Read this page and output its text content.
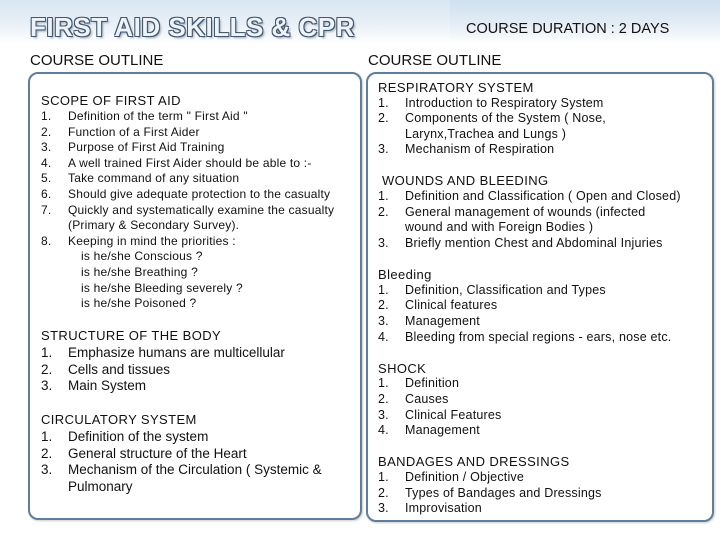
FIRST AID SKILLS & CPR	COURSE DURATION : 2 DAYS
COURSE OUTLINE	COURSE OUTLINE
SCOPE OF FIRST AID
1. Definition of the term " First Aid "
2. Function of a First Aider
3. Purpose of First Aid Training
4. A well trained First Aider should be able to :-
5. Take command of any situation
6. Should give adequate protection to the casualty
7. Quickly and systematically examine the casualty
(Primary & Secondary Survey).
8. Keeping in mind the priorities :
is he/she Conscious ?
is he/she Breathing ?
is he/she Bleeding severely ?
is he/she Poisoned ?
STRUCTURE OF THE BODY
1. Emphasize humans are multicellular
2. Cells and tissues
3. Main System
CIRCULATORY SYSTEM
1. Definition of the system
2. General structure of the Heart
3. Mechanism of the Circulation ( Systemic &
Pulmonary
RESPIRATORY SYSTEM
1. Introduction to Respiratory System
2. Components of the System ( Nose,
Larynx,Trachea and Lungs )
3. Mechanism of Respiration
WOUNDS AND BLEEDING
1. Definition and Classification ( Open and Closed)
2. General management of wounds (infected
wound and with Foreign Bodies )
3. Briefly mention Chest and Abdominal Injuries
Bleeding
1. Definition, Classification and Types
2. Clinical features
3. Management
4. Bleeding from special regions - ears, nose etc.
SHOCK
1. Definition
2. Causes
3. Clinical Features
4. Management
BANDAGES AND DRESSINGS
1. Definition / Objective
2. Types of Bandages and Dressings
3. Improvisation
